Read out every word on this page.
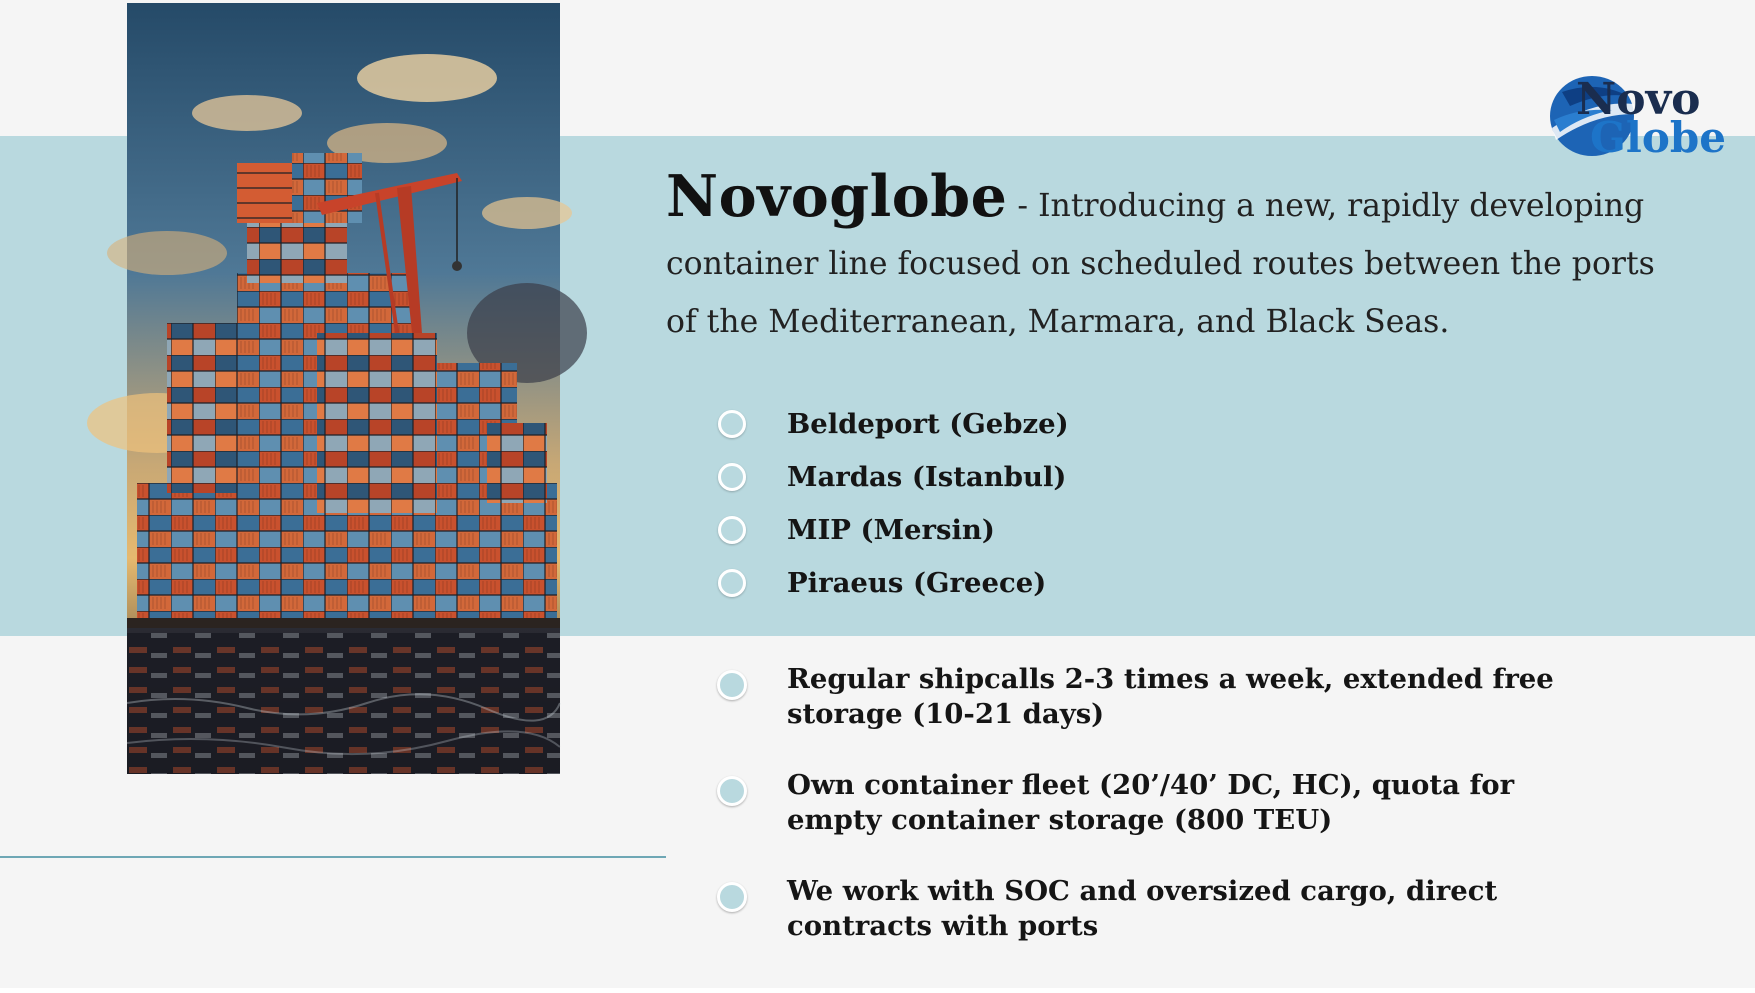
Novo
Globe
Novoglobe - Introducing a new, rapidly developing container line focused on scheduled routes between the ports of the Mediterranean, Marmara, and Black Seas.
Beldeport (Gebze)
Mardas (Istanbul)
MIP (Mersin)
Piraeus (Greece)
Regular shipcalls 2-3 times a week, extended free storage (10-21 days)
Own container fleet (20’/40’ DC, HC), quota for empty container storage (800 TEU)
We work with SOC and oversized cargo, direct contracts with ports
